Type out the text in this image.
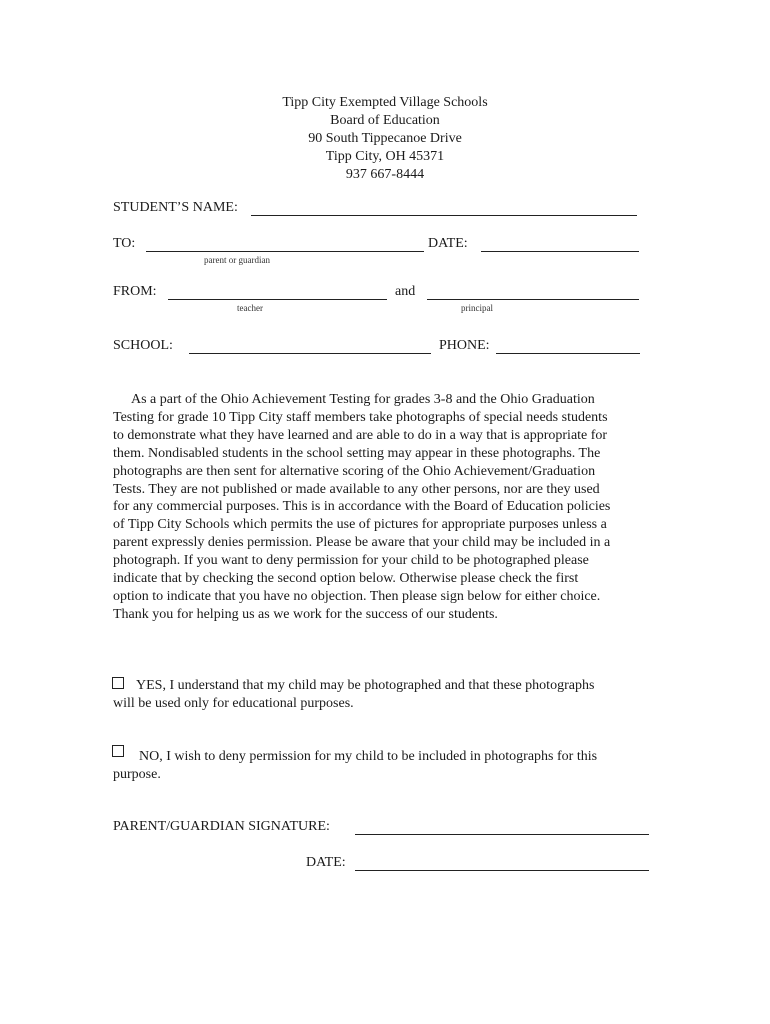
Tipp City Exempted Village Schools
Board of Education
90 South Tippecanoe Drive
Tipp City, OH 45371
937 667-8444
STUDENT’S NAME:
TO:	DATE:
parent or guardian
FROM:	and
teacher	principal
SCHOOL:	PHONE:
As a part of the Ohio Achievement Testing for grades 3-8 and the Ohio Graduation
Testing for grade 10 Tipp City staff members take photographs of special needs students
to demonstrate what they have learned and are able to do in a way that is appropriate for
them. Nondisabled students in the school setting may appear in these photographs. The
photographs are then sent for alternative scoring of the Ohio Achievement/Graduation
Tests. They are not published or made available to any other persons, nor are they used
for any commercial purposes. This is in accordance with the Board of Education policies
of Tipp City Schools which permits the use of pictures for appropriate purposes unless a
parent expressly denies permission. Please be aware that your child may be included in a
photograph. If you want to deny permission for your child to be photographed please
indicate that by checking the second option below. Otherwise please check the first
option to indicate that you have no objection. Then please sign below for either choice.
Thank you for helping us as we work for the success of our students.
YES, I understand that my child may be photographed and that these photographs
will be used only for educational purposes.
NO, I wish to deny permission for my child to be included in photographs for this
purpose.
PARENT/GUARDIAN SIGNATURE:
DATE:
